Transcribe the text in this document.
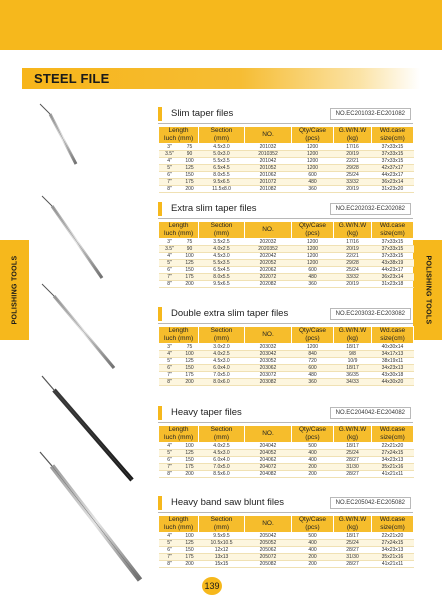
STEEL FILE
POLISHING TOOLS	POLISHING TOOLS
Slim taper files	NO.EC201032-EC201082
Length
Iuch (mm)		Section
(mm)	NO.	Qty/Case
(pcs)	G.W/N.W
(kg)	Wd.case
size(cm)
3"	75	4.5x3.0	201032	1200	17/16	37x33x15
3.5"	90	5.0x3.0	2010352	1200	20/19	37x33x15
4"	100	5.5x3.5	201042	1200	22/21	37x33x15
5"	125	6.5x4.5	201052	1200	29/28	42x37x17
6"	150	8.0x5.5	201062	600	25/24	44x23x17
7"	175	9.5x6.5	201072	480	33/32	36x23x14
8"	200	11.5x8.0	201082	360	20/19	31x23x20
Extra slim taper files	NO.EC202032-EC202082
Length
Iuch (mm)		Section
(mm)	NO.	Qty/Case
(pcs)	G.W/N.W
(kg)	Wd.case
size(cm)
3"	75	3.5x2.5	202032	1200	17/16	37x33x15
3.5"	90	4.0x2.5	2020352	1200	20/19	37x33x15
4"	100	4.5x3.0	202042	1200	22/21	37x33x15
5"	125	5.5x3.5	202052	1200	29/28	43x38x19
6"	150	6.5x4.5	202062	600	25/24	44x23x17
7"	175	8.0x5.5	202072	480	33/32	36x23x14
8"	200	9.5x6.5	202082	360	20/19	31x23x18
Double extra slim taper files	NO.EC203032-EC203082
Length
Iuch (mm)		Section
(mm)	NO.	Qty/Case
(pcs)	G.W/N.W
(kg)	Wd.case
size(cm)
3"	75	3.0x2.0	203032	1200	18/17	40x30x14
4"	100	4.0x2.5	203042	840	9/8	34x17x13
5"	125	4.5x3.0	203052	720	10/9	38x19x11
6"	150	6.0x4.0	203062	600	18/17	34x23x13
7"	175	7.0x5.0	203072	480	36/35	43x30x18
8"	200	8.0x6.0	203082	360	34/33	44x30x20
Heavy taper files	NO.EC204042-EC204082
Length
Iuch (mm)		Section
(mm)	NO.	Qty/Case
(pcs)	G.W/N.W
(kg)	Wd.case
size(cm)
4"	100	4.0x2.5	204042	500	18/17	22x21x20
5"	125	4.5x3.0	204052	400	25/24	27x24x15
6"	150	6.0x4.0	204062	400	28/27	34x23x13
7"	175	7.0x5.0	204072	200	31/30	35x21x16
8"	200	8.5x6.0	204082	200	28/27	41x21x11
Heavy band saw blunt files	NO.EC205042-EC205082
Length
Iuch (mm)		Section
(mm)	NO.	Qty/Case
(pcs)	G.W/N.W
(kg)	Wd.case
size(cm)
4"	100	9.5x9.5	205042	500	18/17	22x21x20
5"	125	10.5x10.5	205052	400	25/24	27x24x15
6"	150	12x12	205062	400	28/27	34x23x13
7"	175	13x13	205072	200	31/30	35x21x16
8"	200	15x15	205082	200	28/27	41x21x11
139
